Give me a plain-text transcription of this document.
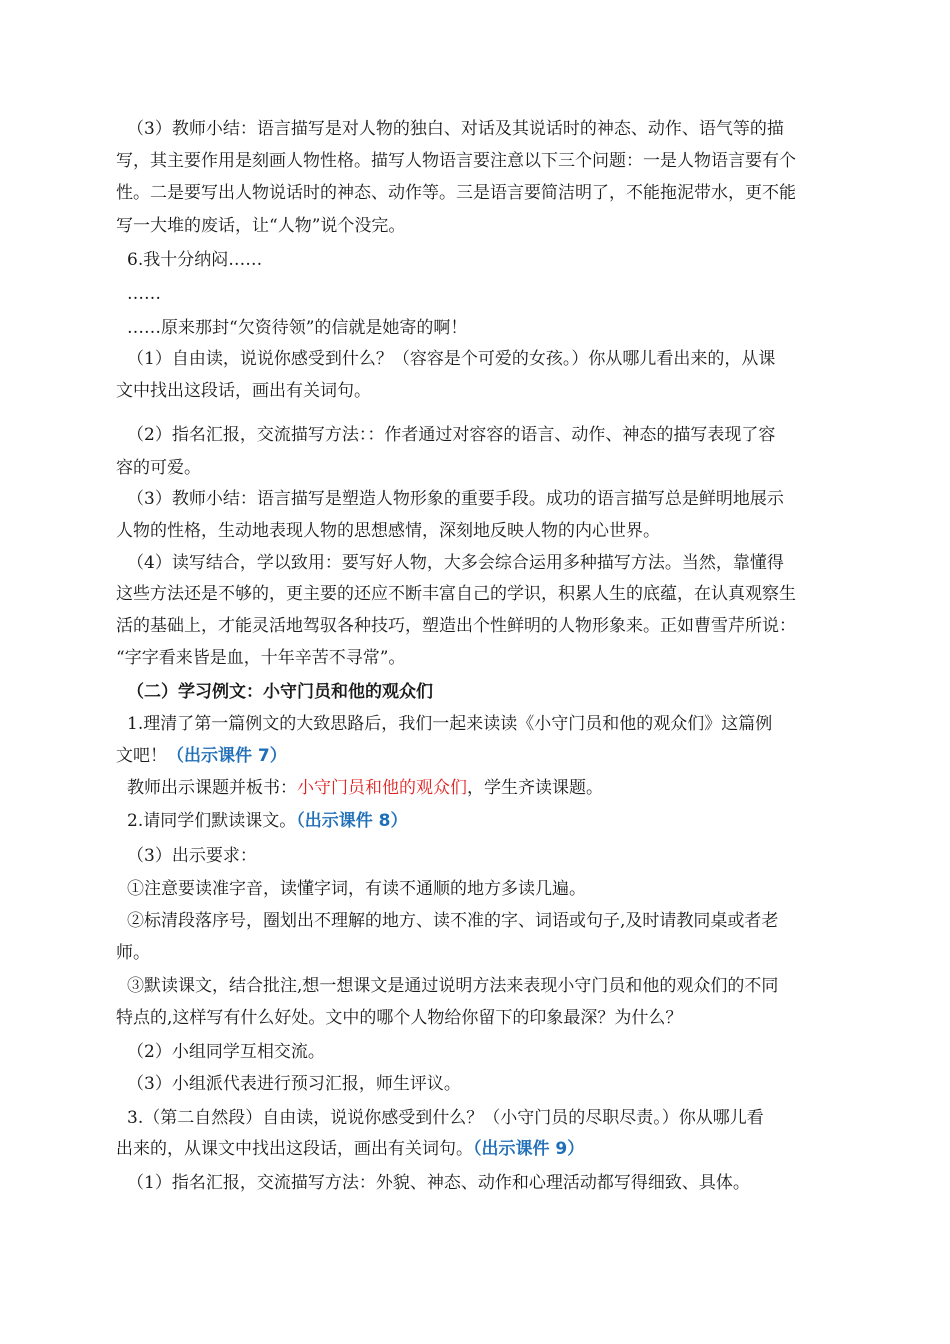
（3）教师小结：语言描写是对人物的独白、对话及其说话时的神态、动作、语气等的描
写，其主要作用是刻画人物性格。描写人物语言要注意以下三个问题：一是人物语言要有个
性。二是要写出人物说话时的神态、动作等。三是语言要简洁明了，不能拖泥带水，更不能
写一大堆的废话，让“人物”说个没完。
6.我十分纳闷……
……
……原来那封“欠资待领”的信就是她寄的啊！
（1）自由读，说说你感受到什么？（容容是个可爱的女孩。）你从哪儿看出来的，从课
文中找出这段话，画出有关词句。
（2）指名汇报，交流描写方法：：作者通过对容容的语言、动作、神态的描写表现了容
容的可爱。
（3）教师小结：语言描写是塑造人物形象的重要手段。成功的语言描写总是鲜明地展示
人物的性格，生动地表现人物的思想感情，深刻地反映人物的内心世界。
（4）读写结合，学以致用：要写好人物，大多会综合运用多种描写方法。当然，靠懂得
这些方法还是不够的，更主要的还应不断丰富自己的学识，积累人生的底蕴，在认真观察生
活的基础上，才能灵活地驾驭各种技巧，塑造出个性鲜明的人物形象来。正如曹雪芹所说：
“字字看来皆是血，十年辛苦不寻常”。
（二）学习例文：小守门员和他的观众们
1.理清了第一篇例文的大致思路后，我们一起来读读《小守门员和他的观众们》这篇例
文吧！（出示课件 7）
教师出示课题并板书：小守门员和他的观众们，学生齐读课题。
2.请同学们默读课文。（出示课件 8）
（3）出示要求：
①注意要读准字音，读懂字词，有读不通顺的地方多读几遍。
②标清段落序号，圈划出不理解的地方、读不准的字、词语或句子,及时请教同桌或者老
师。
③默读课文，结合批注,想一想课文是通过说明方法来表现小守门员和他的观众们的不同
特点的,这样写有什么好处。文中的哪个人物给你留下的印象最深？为什么？
（2）小组同学互相交流。
（3）小组派代表进行预习汇报，师生评议。
3.（第二自然段）自由读，说说你感受到什么？（小守门员的尽职尽责。）你从哪儿看
出来的，从课文中找出这段话，画出有关词句。（出示课件 9）
（1）指名汇报，交流描写方法：外貌、神态、动作和心理活动都写得细致、具体。
